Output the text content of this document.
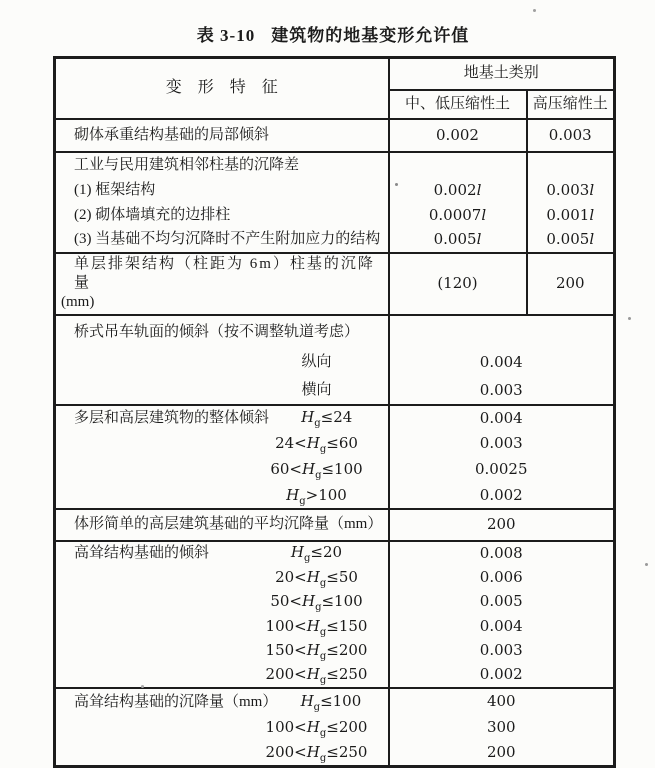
表 3-10 建筑物的地基变形允许值
变　形　特　征	地基土类别	
	中、低压缩性土	高压缩性土
砌体承重结构基础的局部倾斜	0.002	0.003
工业与民用建筑相邻柱基的沉降差		
(1) 框架结构	0.002l	0.003l
(2) 砌体墙填充的边排柱	0.0007l	0.001l
(3) 当基础不均匀沉降时不产生附加应力的结构	0.005l	0.005l

单层排架结构（柱距为 6m）柱基的沉降量
(mm)	(120)	200
桥式吊车轨面的倾斜（按不调整轨道考虑）		

纵向	0.004	

横向	0.003	

多层和高层建筑物的整体倾斜 $H_g\le 24$	0.004	

$24<H_g\le 60$	0.003	

$60<H_g\le 100$	0.0025	

$H_g>100$	0.002	
体形简单的高层建筑基础的平均沉降量（mm）	200	

高耸结构基础的倾斜 $H_g\le 20$	0.008	

$20<H_g\le 50$	0.006	

$50<H_g\le 100$	0.005	

$100<H_g\le 150$	0.004	

$150<H_g\le 200$	0.003	

$200<H_g\le 250$	0.002	

高耸结构基础的沉降量（mm） $H_g\le 100$	400	

$100<H_g\le 200$	300	

$200<H_g\le 250$	200	
